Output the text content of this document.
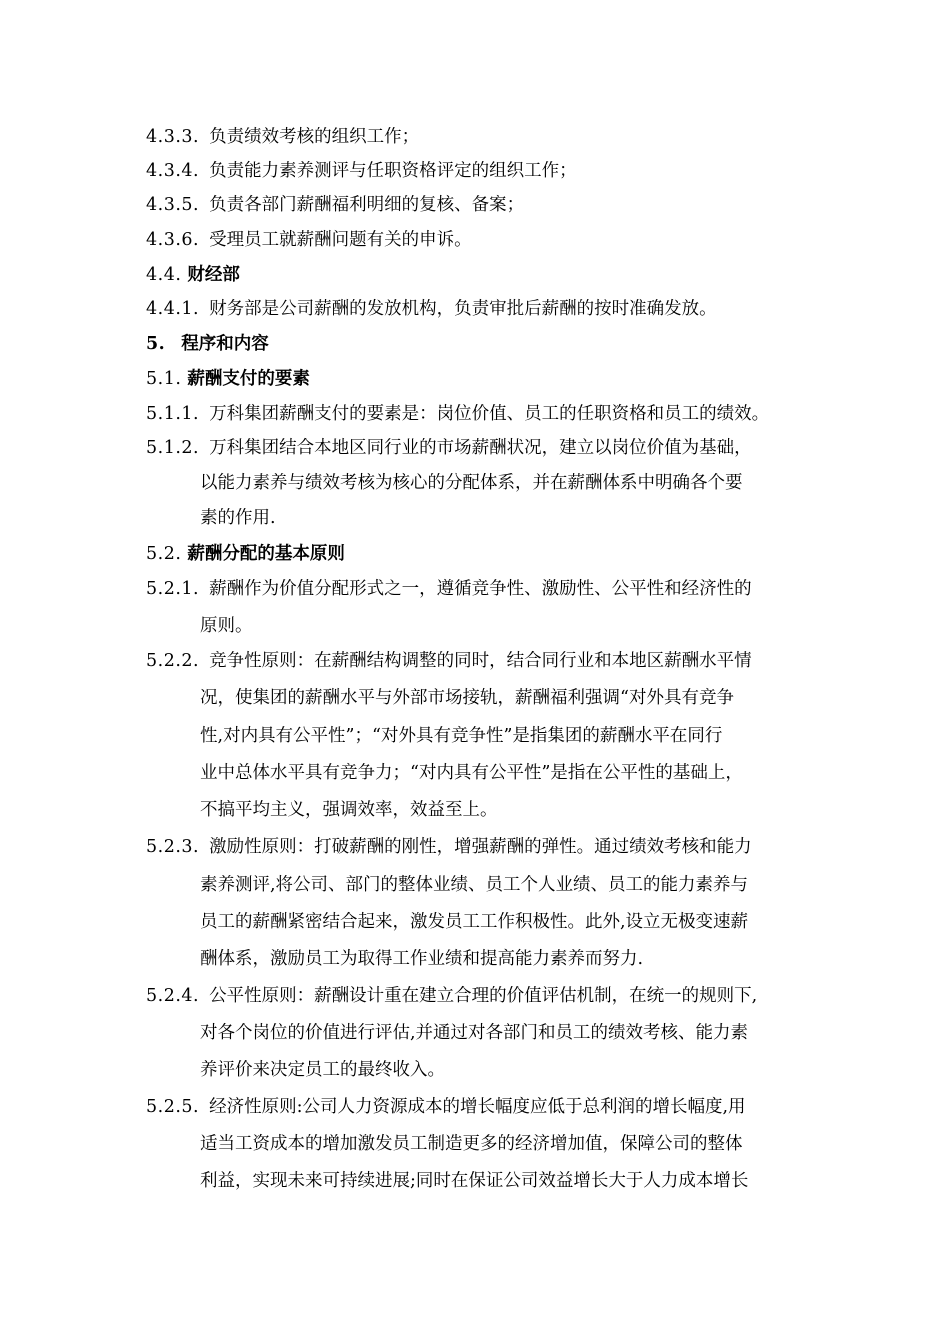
4.3.3. 负责绩效考核的组织工作；
4.3.4. 负责能力素养测评与任职资格评定的组织工作；
4.3.5. 负责各部门薪酬福利明细的复核、备案；
4.3.6. 受理员工就薪酬问题有关的申诉。
4.4. 财经部
4.4.1. 财务部是公司薪酬的发放机构，负责审批后薪酬的按时准确发放。
5. 程序和内容
5.1. 薪酬支付的要素
5.1.1. 万科集团薪酬支付的要素是：岗位价值、员工的任职资格和员工的绩效。
5.1.2. 万科集团结合本地区同行业的市场薪酬状况，建立以岗位价值为基础，
以能力素养与绩效考核为核心的分配体系，并在薪酬体系中明确各个要
素的作用.
5.2. 薪酬分配的基本原则
5.2.1. 薪酬作为价值分配形式之一，遵循竞争性、激励性、公平性和经济性的
原则。
5.2.2. 竞争性原则：在薪酬结构调整的同时，结合同行业和本地区薪酬水平情
况，使集团的薪酬水平与外部市场接轨，薪酬福利强调“对外具有竞争
性,对内具有公平性”；“对外具有竞争性”是指集团的薪酬水平在同行
业中总体水平具有竞争力；“对内具有公平性”是指在公平性的基础上，
不搞平均主义，强调效率，效益至上。
5.2.3. 激励性原则：打破薪酬的刚性，增强薪酬的弹性。通过绩效考核和能力
素养测评,将公司、部门的整体业绩、员工个人业绩、员工的能力素养与
员工的薪酬紧密结合起来，激发员工工作积极性。此外,设立无极变速薪
酬体系，激励员工为取得工作业绩和提高能力素养而努力.
5.2.4. 公平性原则：薪酬设计重在建立合理的价值评估机制，在统一的规则下,
对各个岗位的价值进行评估,并通过对各部门和员工的绩效考核、能力素
养评价来决定员工的最终收入。
5.2.5. 经济性原则:公司人力资源成本的增长幅度应低于总利润的增长幅度,用
适当工资成本的增加激发员工制造更多的经济增加值，保障公司的整体
利益，实现未来可持续进展;同时在保证公司效益增长大于人力成本增长
